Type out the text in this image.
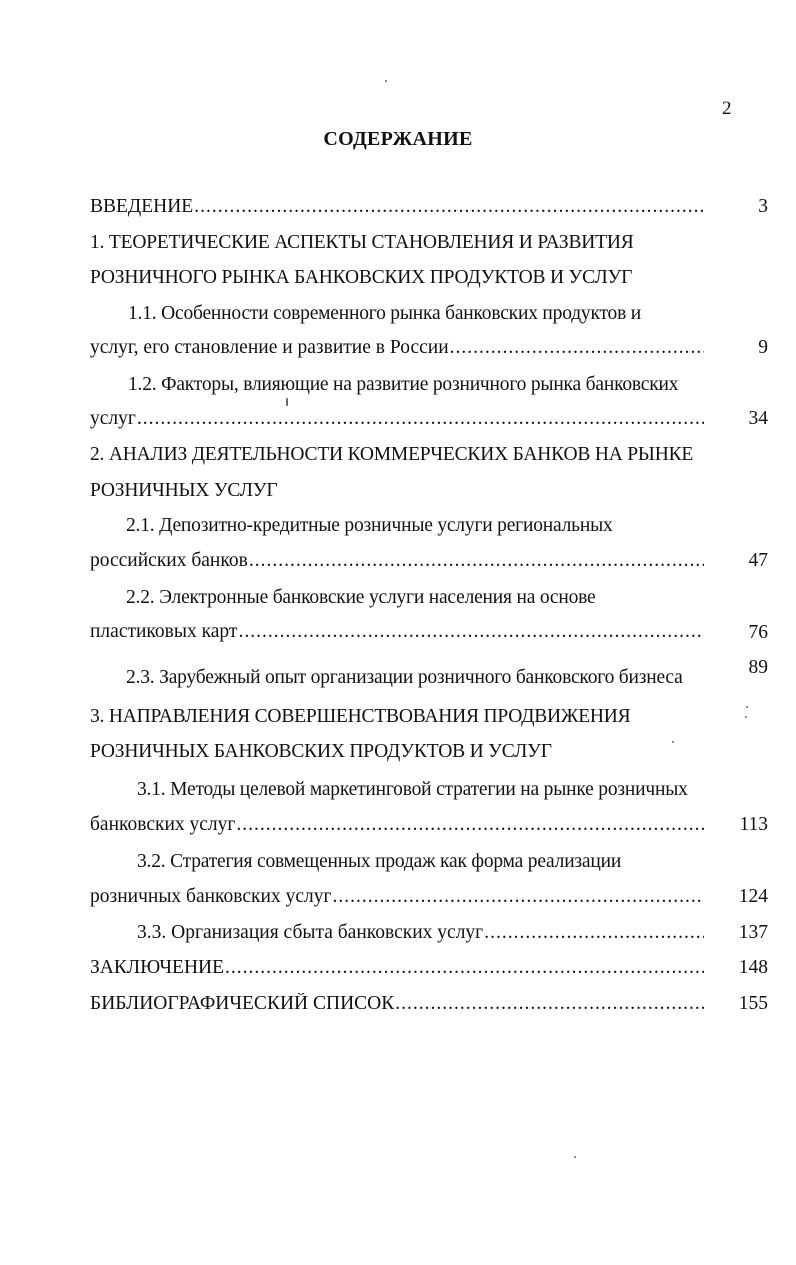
2
СОДЕРЖАНИЕ
ВВЕДЕНИЕ .....	3
1. ТЕОРЕТИЧЕСКИЕ АСПЕКТЫ СТАНОВЛЕНИЯ И РАЗВИТИЯ
РОЗНИЧНОГО РЫНКА БАНКОВСКИХ ПРОДУКТОВ И УСЛУГ
1.1. Особенности современного рынка банковских продуктов и
услуг, его становление и развитие в России .....	9
1.2. Факторы, влияющие на развитие розничного рынка банковских
услуг .....	34
2. АНАЛИЗ ДЕЯТЕЛЬНОСТИ КОММЕРЧЕСКИХ БАНКОВ НА РЫНКЕ
РОЗНИЧНЫХ УСЛУГ
2.1. Депозитно-кредитные розничные услуги региональных
российских банков .....	47
2.2. Электронные банковские услуги населения на основе
пластиковых карт .....	76
2.3. Зарубежный опыт организации розничного банковского бизнеса	89
3. НАПРАВЛЕНИЯ СОВЕРШЕНСТВОВАНИЯ ПРОДВИЖЕНИЯ
РОЗНИЧНЫХ БАНКОВСКИХ ПРОДУКТОВ И УСЛУГ
3.1. Методы целевой маркетинговой стратегии на рынке розничных
банковских услуг .....	113
3.2. Стратегия совмещенных продаж как форма реализации
розничных банковских услуг .....	124
3.3. Организация сбыта банковских услуг .....	137
ЗАКЛЮЧЕНИЕ .....	148
БИБЛИОГРАФИЧЕСКИЙ СПИСОК .....	155
